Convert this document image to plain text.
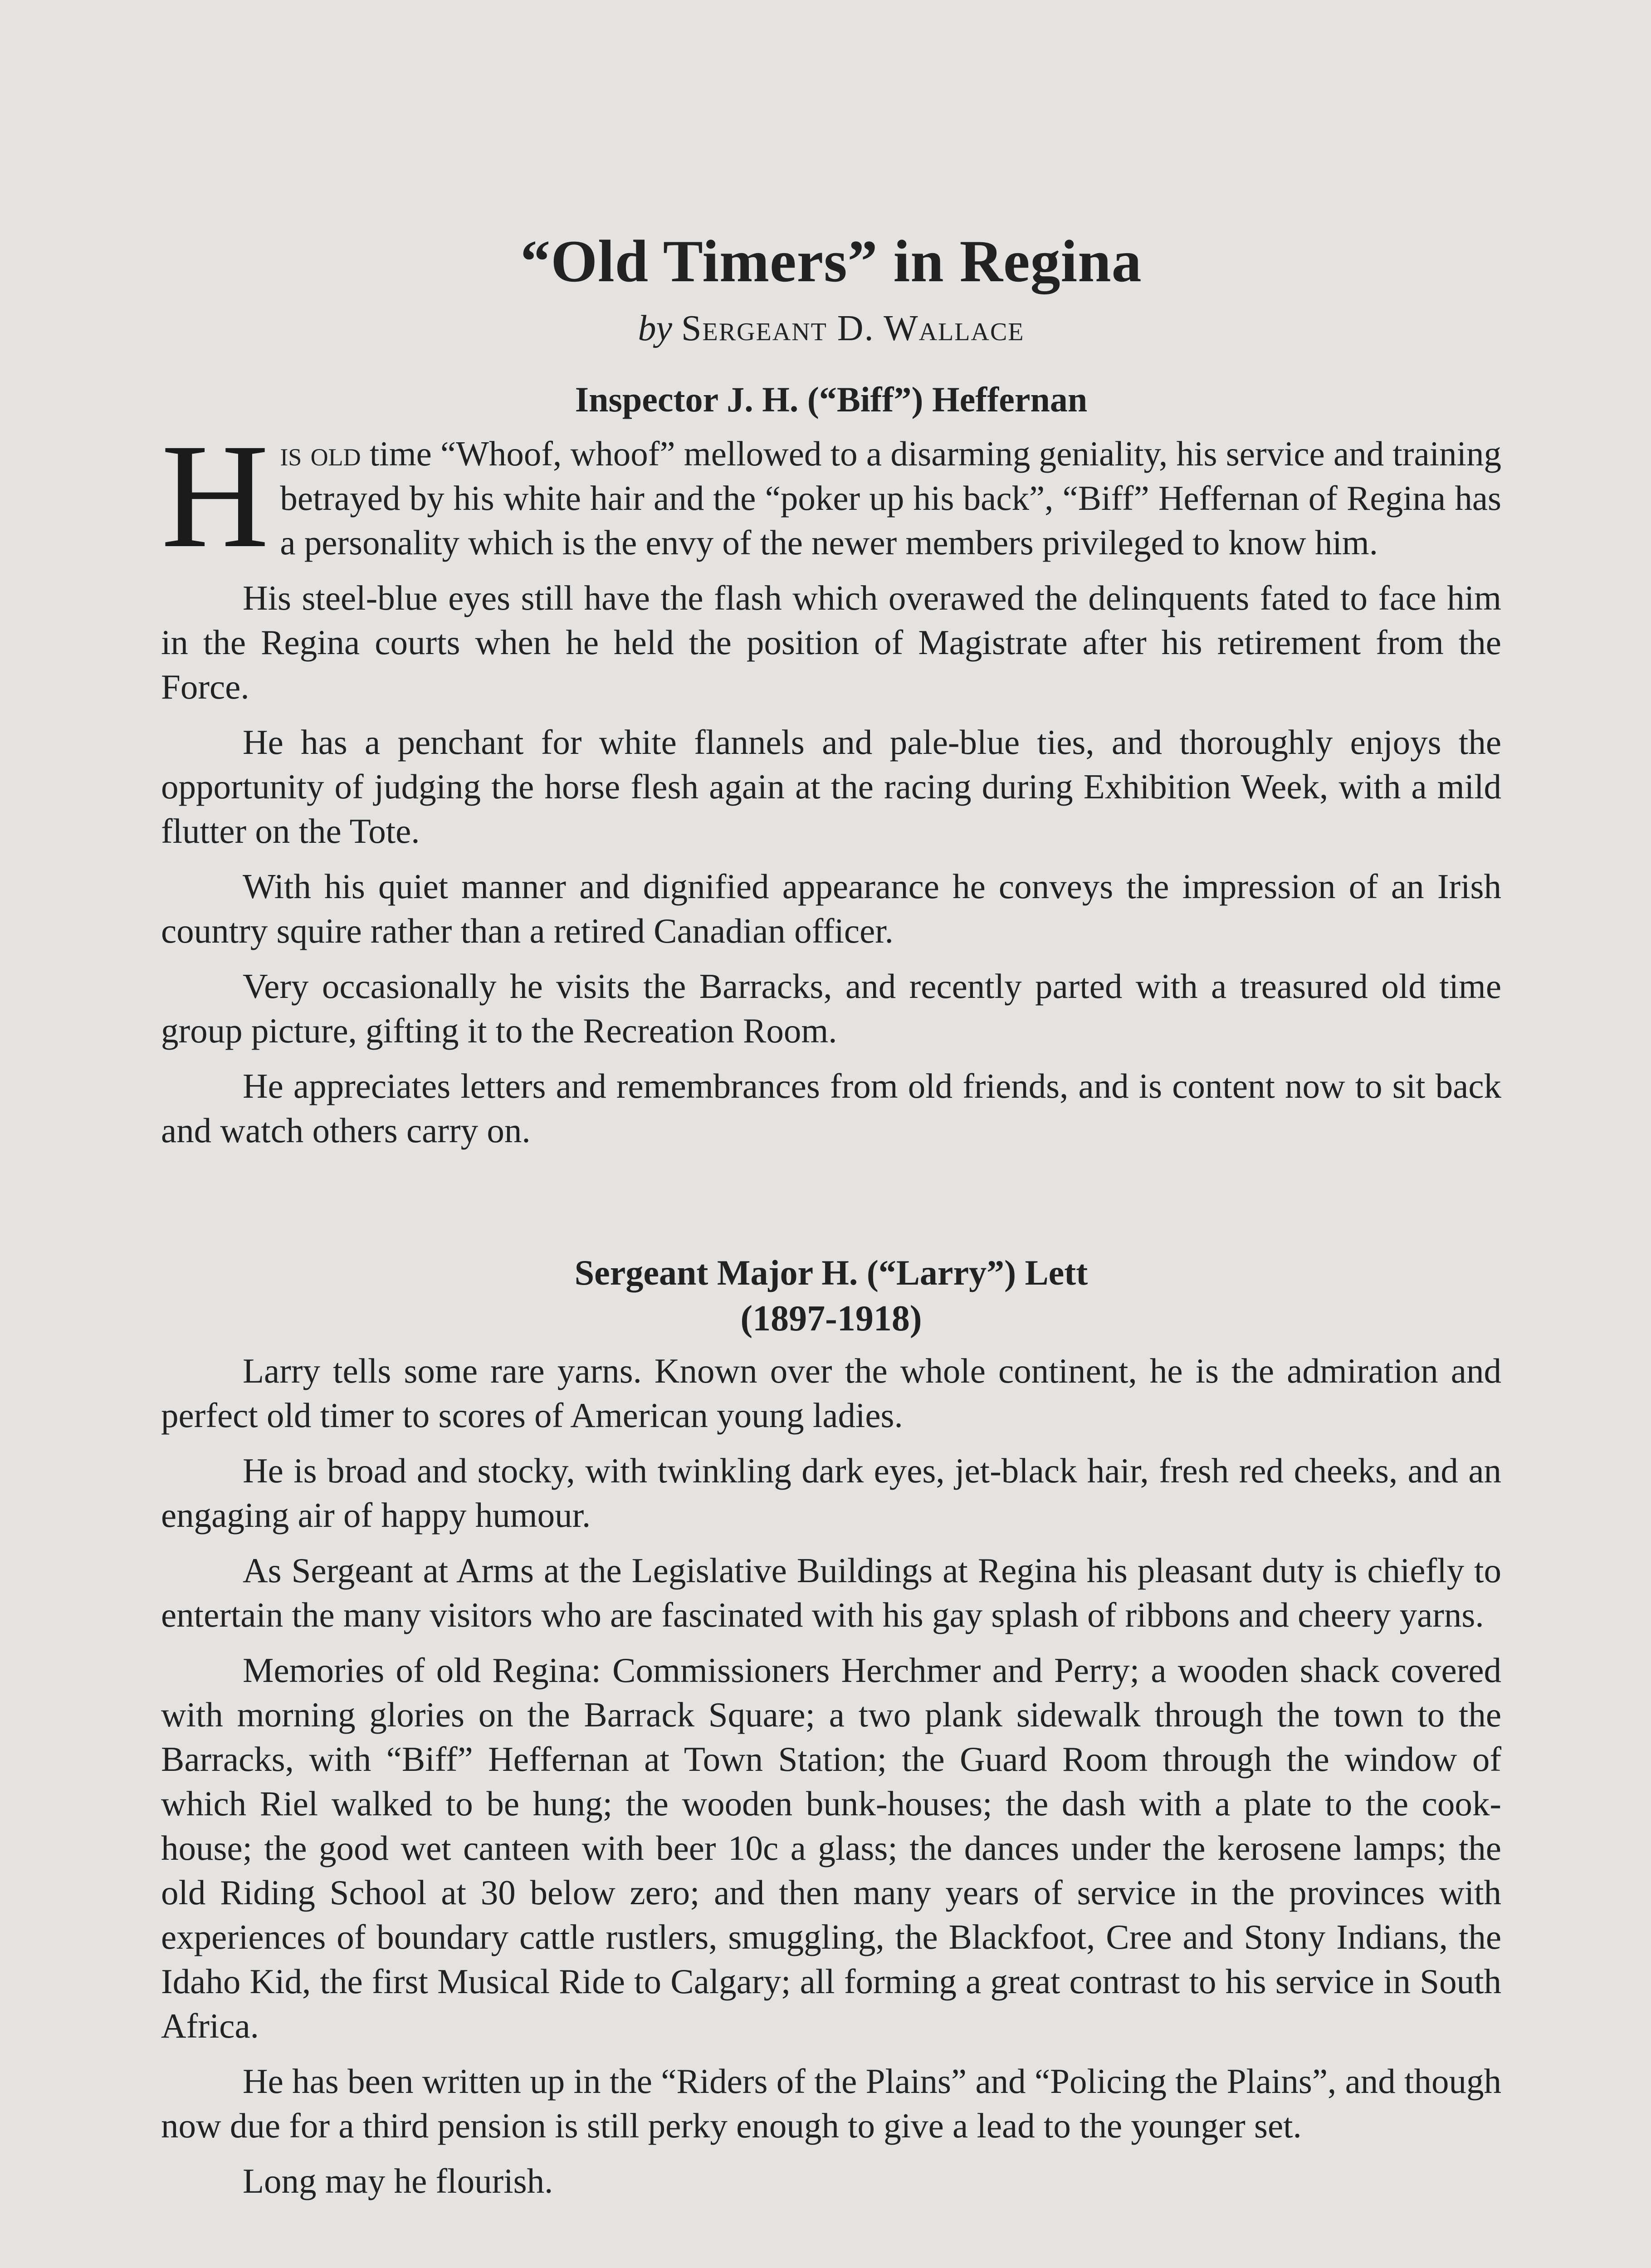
“Old Timers” in Regina
by Sergeant D. Wallace
Inspector J. H. (“Biff”) Heffernan

His old time “Whoof, whoof” mellowed to a disarming geniality, his service and training betrayed by his white hair and the “poker up his back”, “Biff” Heffernan of Regina has a personality which is the envy of the newer members privileged to know him.

His steel-blue eyes still have the flash which overawed the delinquents fated to face him in the Regina courts when he held the position of Magistrate after his retirement from the Force.

He has a penchant for white flannels and pale-blue ties, and thoroughly enjoys the opportunity of judging the horse flesh again at the racing during Exhibition Week, with a mild flutter on the Tote.

With his quiet manner and dignified appearance he conveys the impression of an Irish country squire rather than a retired Canadian officer.

Very occasionally he visits the Barracks, and recently parted with a treasured old time group picture, gifting it to the Recreation Room.

He appreciates letters and remembrances from old friends, and is content now to sit back and watch others carry on.

Sergeant Major H. (“Larry”) Lett
(1897-1918)

Larry tells some rare yarns. Known over the whole continent, he is the admiration and perfect old timer to scores of American young ladies.

He is broad and stocky, with twinkling dark eyes, jet-black hair, fresh red cheeks, and an engaging air of happy humour.

As Sergeant at Arms at the Legislative Buildings at Regina his pleasant duty is chiefly to entertain the many visitors who are fascinated with his gay splash of ribbons and cheery yarns.

Memories of old Regina: Commissioners Herchmer and Perry; a wooden shack covered with morning glories on the Barrack Square; a two plank sidewalk through the town to the Barracks, with “Biff” Heffernan at Town Station; the Guard Room through the window of which Riel walked to be hung; the wooden bunk-houses; the dash with a plate to the cook-house; the good wet canteen with beer 10c a glass; the dances under the kerosene lamps; the old Riding School at 30 below zero; and then many years of service in the provinces with experiences of boundary cattle rustlers, smuggling, the Blackfoot, Cree and Stony Indians, the Idaho Kid, the first Musical Ride to Calgary; all forming a great contrast to his service in South Africa.

He has been written up in the “Riders of the Plains” and “Policing the Plains”, and though now due for a third pension is still perky enough to give a lead to the younger set.

Long may he flourish.
